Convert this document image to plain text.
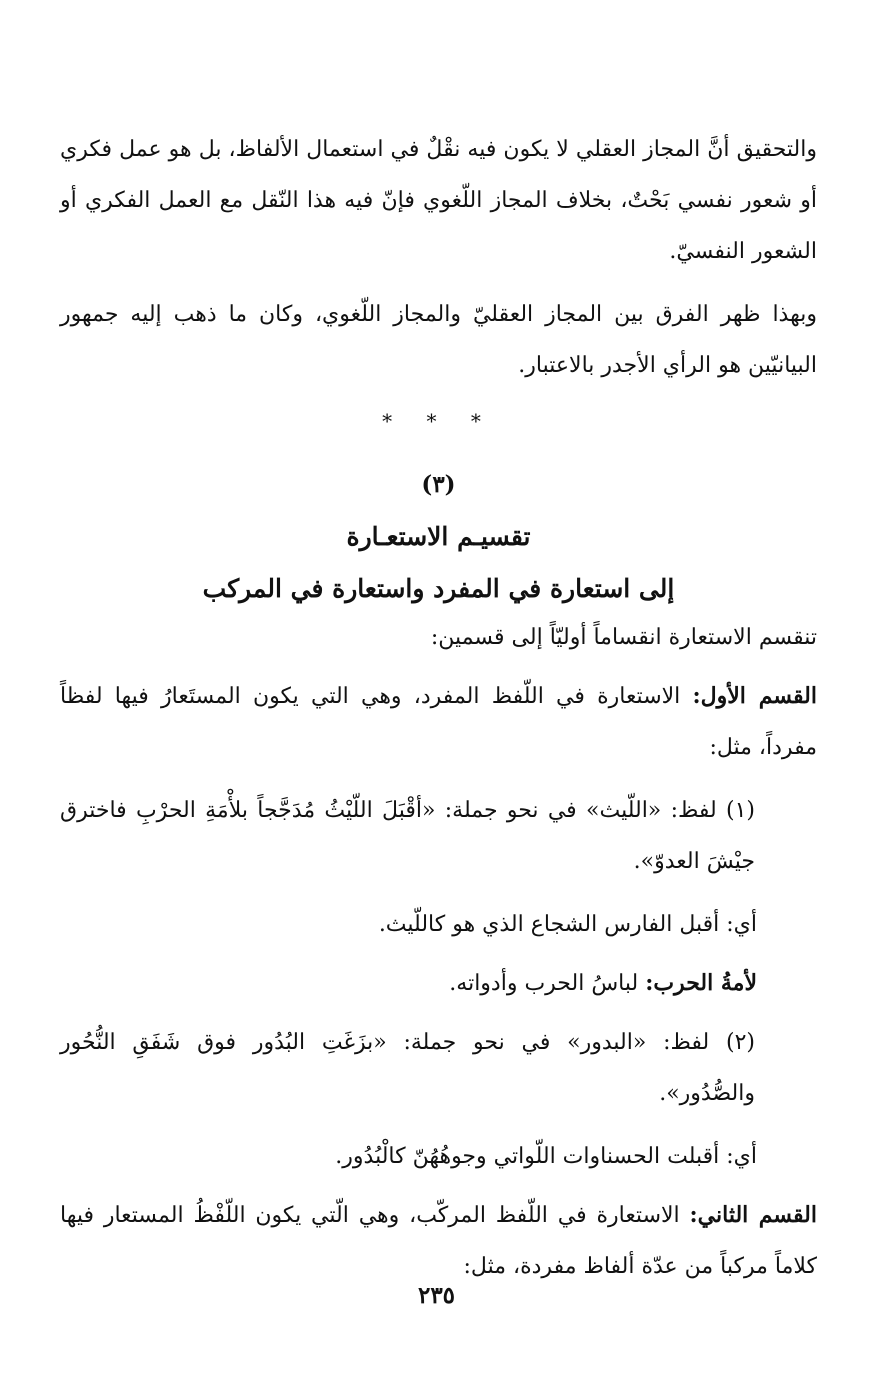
والتحقيق أنَّ المجاز العقلي لا يكون فيه نقْلٌ في استعمال الألفاظ، بل هو عمل فكري أو شعور نفسي بَحْتٌ، بخلاف المجاز اللّغوي فإنّ فيه هذا النّقل مع العمل الفكري أو الشعور النفسيّ.

وبهذا ظهر الفرق بين المجاز العقليّ والمجاز اللّغوي، وكان ما ذهب إليه جمهور البيانيّين هو الرأي الأجدر بالاعتبار.

* * *
(٣)
تقسيـم الاستعـارة
إلى استعارة في المفرد واستعارة في المركب

تنقسم الاستعارة انقساماً أوليّاً إلى قسمين:

القسم الأول: الاستعارة في اللّفظ المفرد، وهي التي يكون المستَعارُ فيها لفظاً مفرداً، مثل:

(١) لفظ: «اللّيث» في نحو جملة: «أقْبَلَ اللّيْثُ مُدَجَّجاً بلأْمَةِ الحرْبِ فاخترق جيْشَ العدوّ».

أي: أقبل الفارس الشجاع الذي هو كاللّيث.

لأمةُ الحرب: لباسُ الحرب وأدواته.

(٢) لفظ: «البدور» في نحو جملة: «بزَغَتِ البُدُور فوق شَفَقِ النُّحُور والصُّدُور».

أي: أقبلت الحسناوات اللّواتي وجوهُهُنّ كالْبُدُور.

القسم الثاني: الاستعارة في اللّفظ المركّب، وهي الّتي يكون اللّفْظُ المستعار فيها كلاماً مركباً من عدّة ألفاظ مفردة، مثل:

٢٣٥
